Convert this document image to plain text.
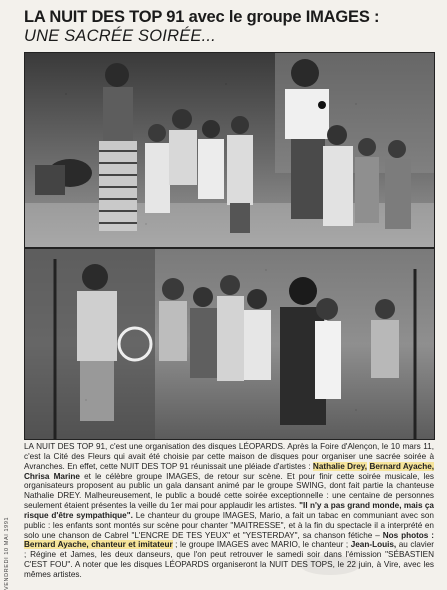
LA NUIT DES TOP 91 avec le groupe IMAGES :
UNE SACRÉE SOIRÉE...

LA NUIT DES TOP 91, c'est une organisation des disques LÉOPARDS. Après la Foire d'Alençon, le 10 mars 11, c'est la Cité des Fleurs qui avait été choisie par cette maison de disques pour organiser une sacrée soirée à Avranches. En effet, cette NUIT DES TOP 91 réunissait une pléiade d'artistes : Nathalie Drey, Bernard Ayache, Chrisa Marine et le célèbre groupe IMAGES, de retour sur scène. Et pour finir cette soirée musicale, les organisateurs proposent au public un gala dansant animé par le groupe SWING, dont fait partie la chanteuse Nathalie DREY. Malheureusement, le public a boudé cette soirée exceptionnelle : une centaine de personnes seulement étaient présentes la veille du 1er mai pour applaudir les artistes. "Il n'y a pas grand monde, mais ça risque d'être sympathique". Le chanteur du groupe IMAGES, Mario, a fait un tabac en communiant avec son public : les enfants sont montés sur scène pour chanter "MAITRESSE", et à la fin du spectacle il a interprété en solo une chanson de Cabrel "L'ENCRE DE TES YEUX" et "YESTERDAY", sa chanson fétiche – Nos photos : Bernard Ayache, chanteur et imitateur ; le groupe IMAGES avec MARIO, le chanteur ; Jean-Louis, au clavier ; Régine et James, les deux danseurs, que l'on peut retrouver le samedi soir dans l'émission "SÉBASTIEN C'EST FOU". A noter que les disques LÉOPARDS organiseront la NUIT DES TOPS, le 22 juin, à Vire, avec les mêmes artistes.

VENDREDI 10 MAI 1991
